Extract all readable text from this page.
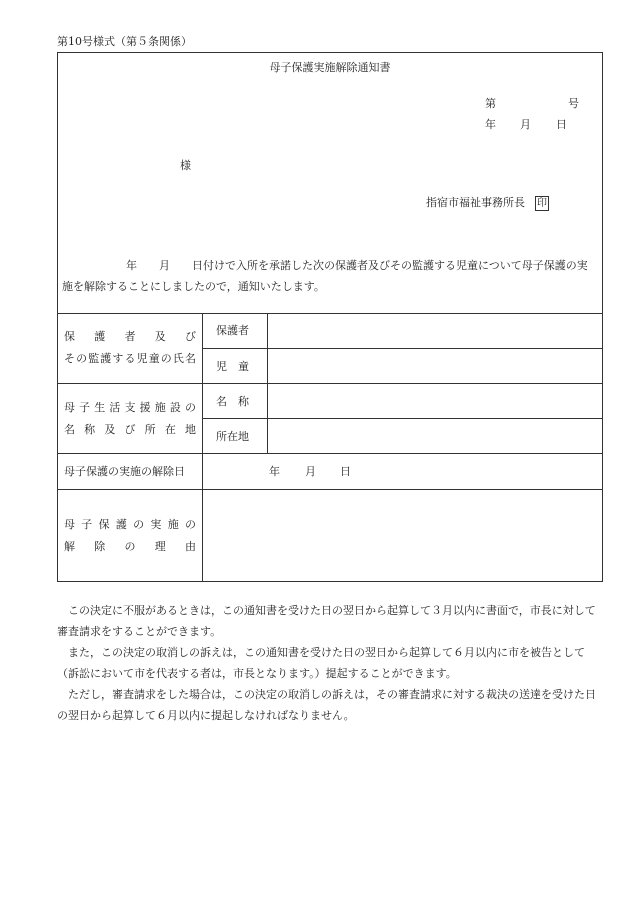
第10号様式（第５条関係）
母子保護実施解除通知書
第	号
年 月 日
様
指宿市福祉事務所長 印
年　　月　　日付けで入所を承諾した次の保護者及びその監護する児童について母子保護の実施を解除することにしましたので，通知いたします。
保　護　者　及　び
その監護する児童の氏名
保護者
児　童
母子生活支援施設の
名称及び所在地
名　称
所在地
母子保護の実施の解除日	年 月 日
母子保護の実施の
解除の理由

この決定に不服があるときは，この通知書を受けた日の翌日から起算して３月以内に書面で，市長に対して審査請求をすることができます。

また，この決定の取消しの訴えは，この通知書を受けた日の翌日から起算して６月以内に市を被告として（訴訟において市を代表する者は，市長となります。）提起することができます。

ただし，審査請求をした場合は，この決定の取消しの訴えは，その審査請求に対する裁決の送達を受けた日の翌日から起算して６月以内に提起しなければなりません。
